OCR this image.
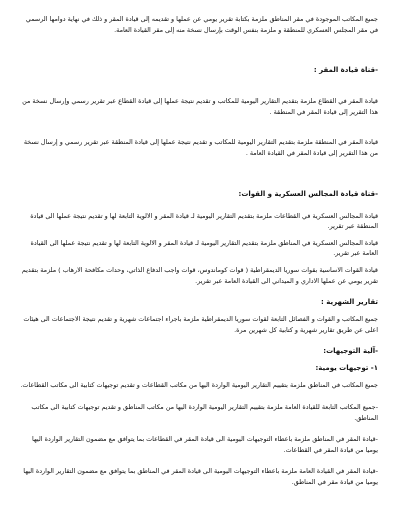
جميع المكاتب الموجودة في مقر المناطق ملزمة بكتابة تقرير يومي عن عملها و تقديمه إلى قيادة المقر و ذلك في نهاية دوامها الرسمي في مقر المجلس العسكري للمنطقة و ملزمة بنفس الوقت بإرسال نسخة منه إلى مقر القيادة العامة.

-قناة قيادة المقر :

قيادة المقر في القطاع ملزمة بتقديم التقارير اليومية للمكاتب و تقديم نتيجة عملها إلى قيادة القطاع عبر تقرير رسمي وإرسال نسخة من هذا التقرير إلى قيادة المقر في المنطقة .

قيادة المقر في المنطقة ملزمة بتقديم التقارير اليومية للمكاتب و تقديم نتيجة عملها إلى قيادة المنطقة عبر تقرير رسمي و إرسال نسخة من هذا التقرير إلى قيادة المقر في القيادة العامة .

-قناة قيادة المجالس العسكرية و القوات:

قيادة المجالس العسكرية في القطاعات ملزمة بتقديم التقارير اليومية لـ قيادة المقر و الالوية التابعة لها و تقديم نتيجة عملها الى قيادة المنطقة عبر تقرير.

قيادة المجالس العسكرية في المناطق ملزمة بتقديم التقارير اليومية لـ قيادة المقر و الالوية التابعة لها و تقديم نتيجة عملها الى القيادة العامة عبر تقرير.

قيادة القوات الاساسية بقوات سوريا الديمقراطية ( قوات كوماندوس، قوات واجب الدفاع الذاتي، وحدات مكافحة الارهاب ) ملزمة بتقديم تقرير يومي عن عملها الاداري و الميداني الى القيادة العامة عبر تقرير.

تقارير الشهرية :

جميع المكاتب و القوات و الفصائل التابعة لقوات سوريا الديمقراطية ملزمة باجراء اجتماعات شهرية و تقديم نتيجة الاجتماعات الى هيئات اعلى عن طريق تقارير شهرية و كتابية كل شهرين مرة.

-آلية التوجيهات:

١- توجيهات يومية:

جميع المكاتب في المناطق ملزمة بتقييم التقارير اليومية الواردة اليها من مكاتب القطاعات و تقديم توجيهات كتابية الى مكاتب القطاعات.

-جميع المكاتب التابعة للقيادة العامة ملزمة بتقييم التقارير اليومية الواردة اليها من مكاتب المناطق و تقديم توجيهات كتابية الى مكاتب المناطق.

-قيادة المقر في المناطق ملزمة باعطاء التوجيهات اليومية الى قيادة المقر في القطاعات بما يتوافق مع مضمون التقارير الواردة اليها يوميا من قيادة المقر في القطاعات.

-قيادة المقر في القيادة العامة ملزمة باعطاء التوجيهات اليومية الى قيادة المقر في المناطق بما يتوافق مع مضمون التقارير الواردة اليها يوميا من قيادة مقر في المناطق.
